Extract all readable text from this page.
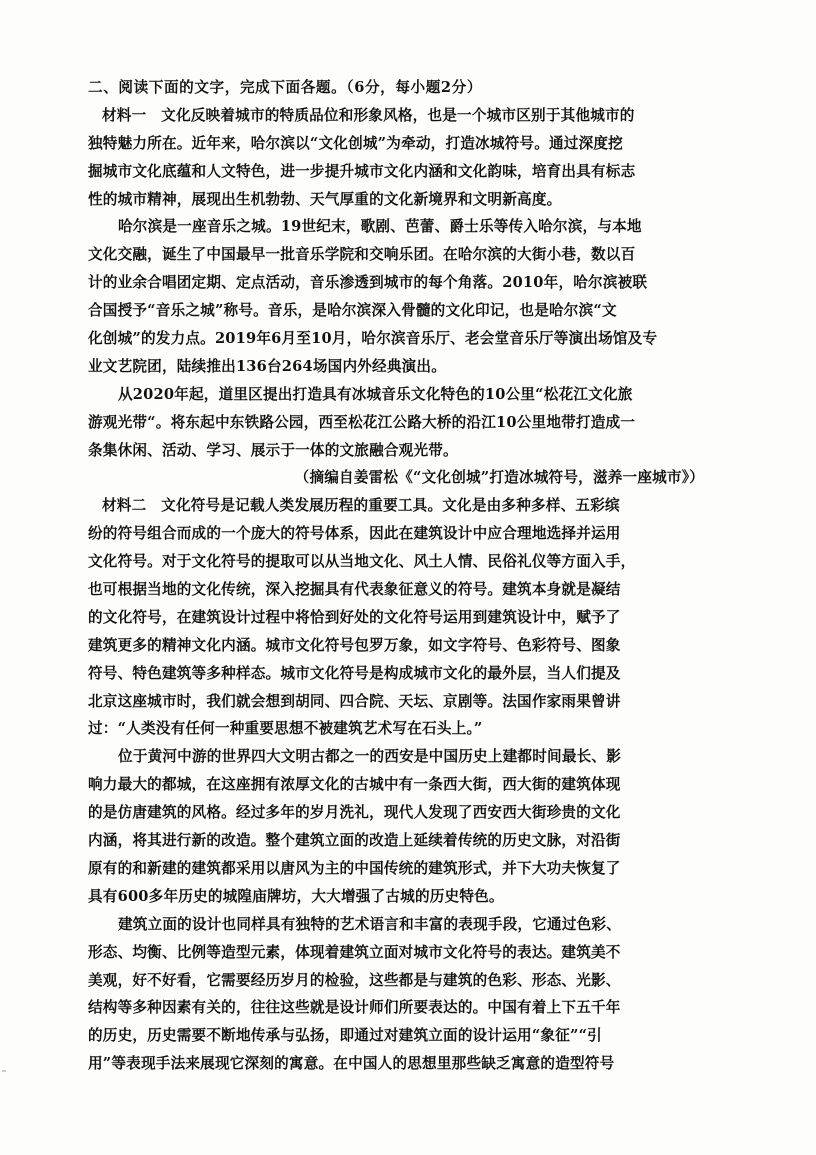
二、阅读下面的文字，完成下面各题。（6分，每小题2分）
材料一　文化反映着城市的特质品位和形象风格，也是一个城市区别于其他城市的
独特魅力所在。近年来，哈尔滨以“文化创城”为牵动，打造冰城符号。通过深度挖
掘城市文化底蕴和人文特色，进一步提升城市文化内涵和文化韵味，培育出具有标志
性的城市精神，展现出生机勃勃、天气厚重的文化新境界和文明新高度。
哈尔滨是一座音乐之城。19世纪末，歌剧、芭蕾、爵士乐等传入哈尔滨，与本地
文化交融，诞生了中国最早一批音乐学院和交响乐团。在哈尔滨的大街小巷，数以百
计的业余合唱团定期、定点活动，音乐渗透到城市的每个角落。2010年，哈尔滨被联
合国授予“音乐之城”称号。音乐，是哈尔滨深入骨髓的文化印记，也是哈尔滨“文
化创城”的发力点。2019年6月至10月，哈尔滨音乐厅、老会堂音乐厅等演出场馆及专
业文艺院团，陆续推出136台264场国内外经典演出。
从2020年起，道里区提出打造具有冰城音乐文化特色的10公里“松花江文化旅
游观光带“。将东起中东铁路公园，西至松花江公路大桥的沿江10公里地带打造成一
条集休闲、活动、学习、展示于一体的文旅融合观光带。
（摘编自姜雷松《“文化创城”打造冰城符号，滋养一座城市》）
材料二　文化符号是记载人类发展历程的重要工具。文化是由多种多样、五彩缤
纷的符号组合而成的一个庞大的符号体系，因此在建筑设计中应合理地选择并运用
文化符号。对于文化符号的提取可以从当地文化、风土人情、民俗礼仪等方面入手，
也可根据当地的文化传统，深入挖掘具有代表象征意义的符号。建筑本身就是凝结
的文化符号，在建筑设计过程中将恰到好处的文化符号运用到建筑设计中，赋予了
建筑更多的精神文化内涵。城市文化符号包罗万象，如文字符号、色彩符号、图象
符号、特色建筑等多种样态。城市文化符号是构成城市文化的最外层，当人们提及
北京这座城市时，我们就会想到胡同、四合院、天坛、京剧等。法国作家雨果曾讲
过：“人类没有任何一种重要思想不被建筑艺术写在石头上。”
位于黄河中游的世界四大文明古都之一的西安是中国历史上建都时间最长、影
响力最大的都城，在这座拥有浓厚文化的古城中有一条西大街，西大街的建筑体现
的是仿唐建筑的风格。经过多年的岁月洗礼，现代人发现了西安西大街珍贵的文化
内涵，将其进行新的改造。整个建筑立面的改造上延续着传统的历史文脉，对沿街
原有的和新建的建筑都采用以唐风为主的中国传统的建筑形式，并下大功夫恢复了
具有600多年历史的城隍庙牌坊，大大增强了古城的历史特色。
建筑立面的设计也同样具有独特的艺术语言和丰富的表现手段，它通过色彩、
形态、均衡、比例等造型元素，体现着建筑立面对城市文化符号的表达。建筑美不
美观，好不好看，它需要经历岁月的检验，这些都是与建筑的色彩、形态、光影、
结构等多种因素有关的，往往这些就是设计师们所要表达的。中国有着上下五千年
的历史，历史需要不断地传承与弘扬，即通过对建筑立面的设计运用“象征”“引
用”等表现手法来展现它深刻的寓意。在中国人的思想里那些缺乏寓意的造型符号
